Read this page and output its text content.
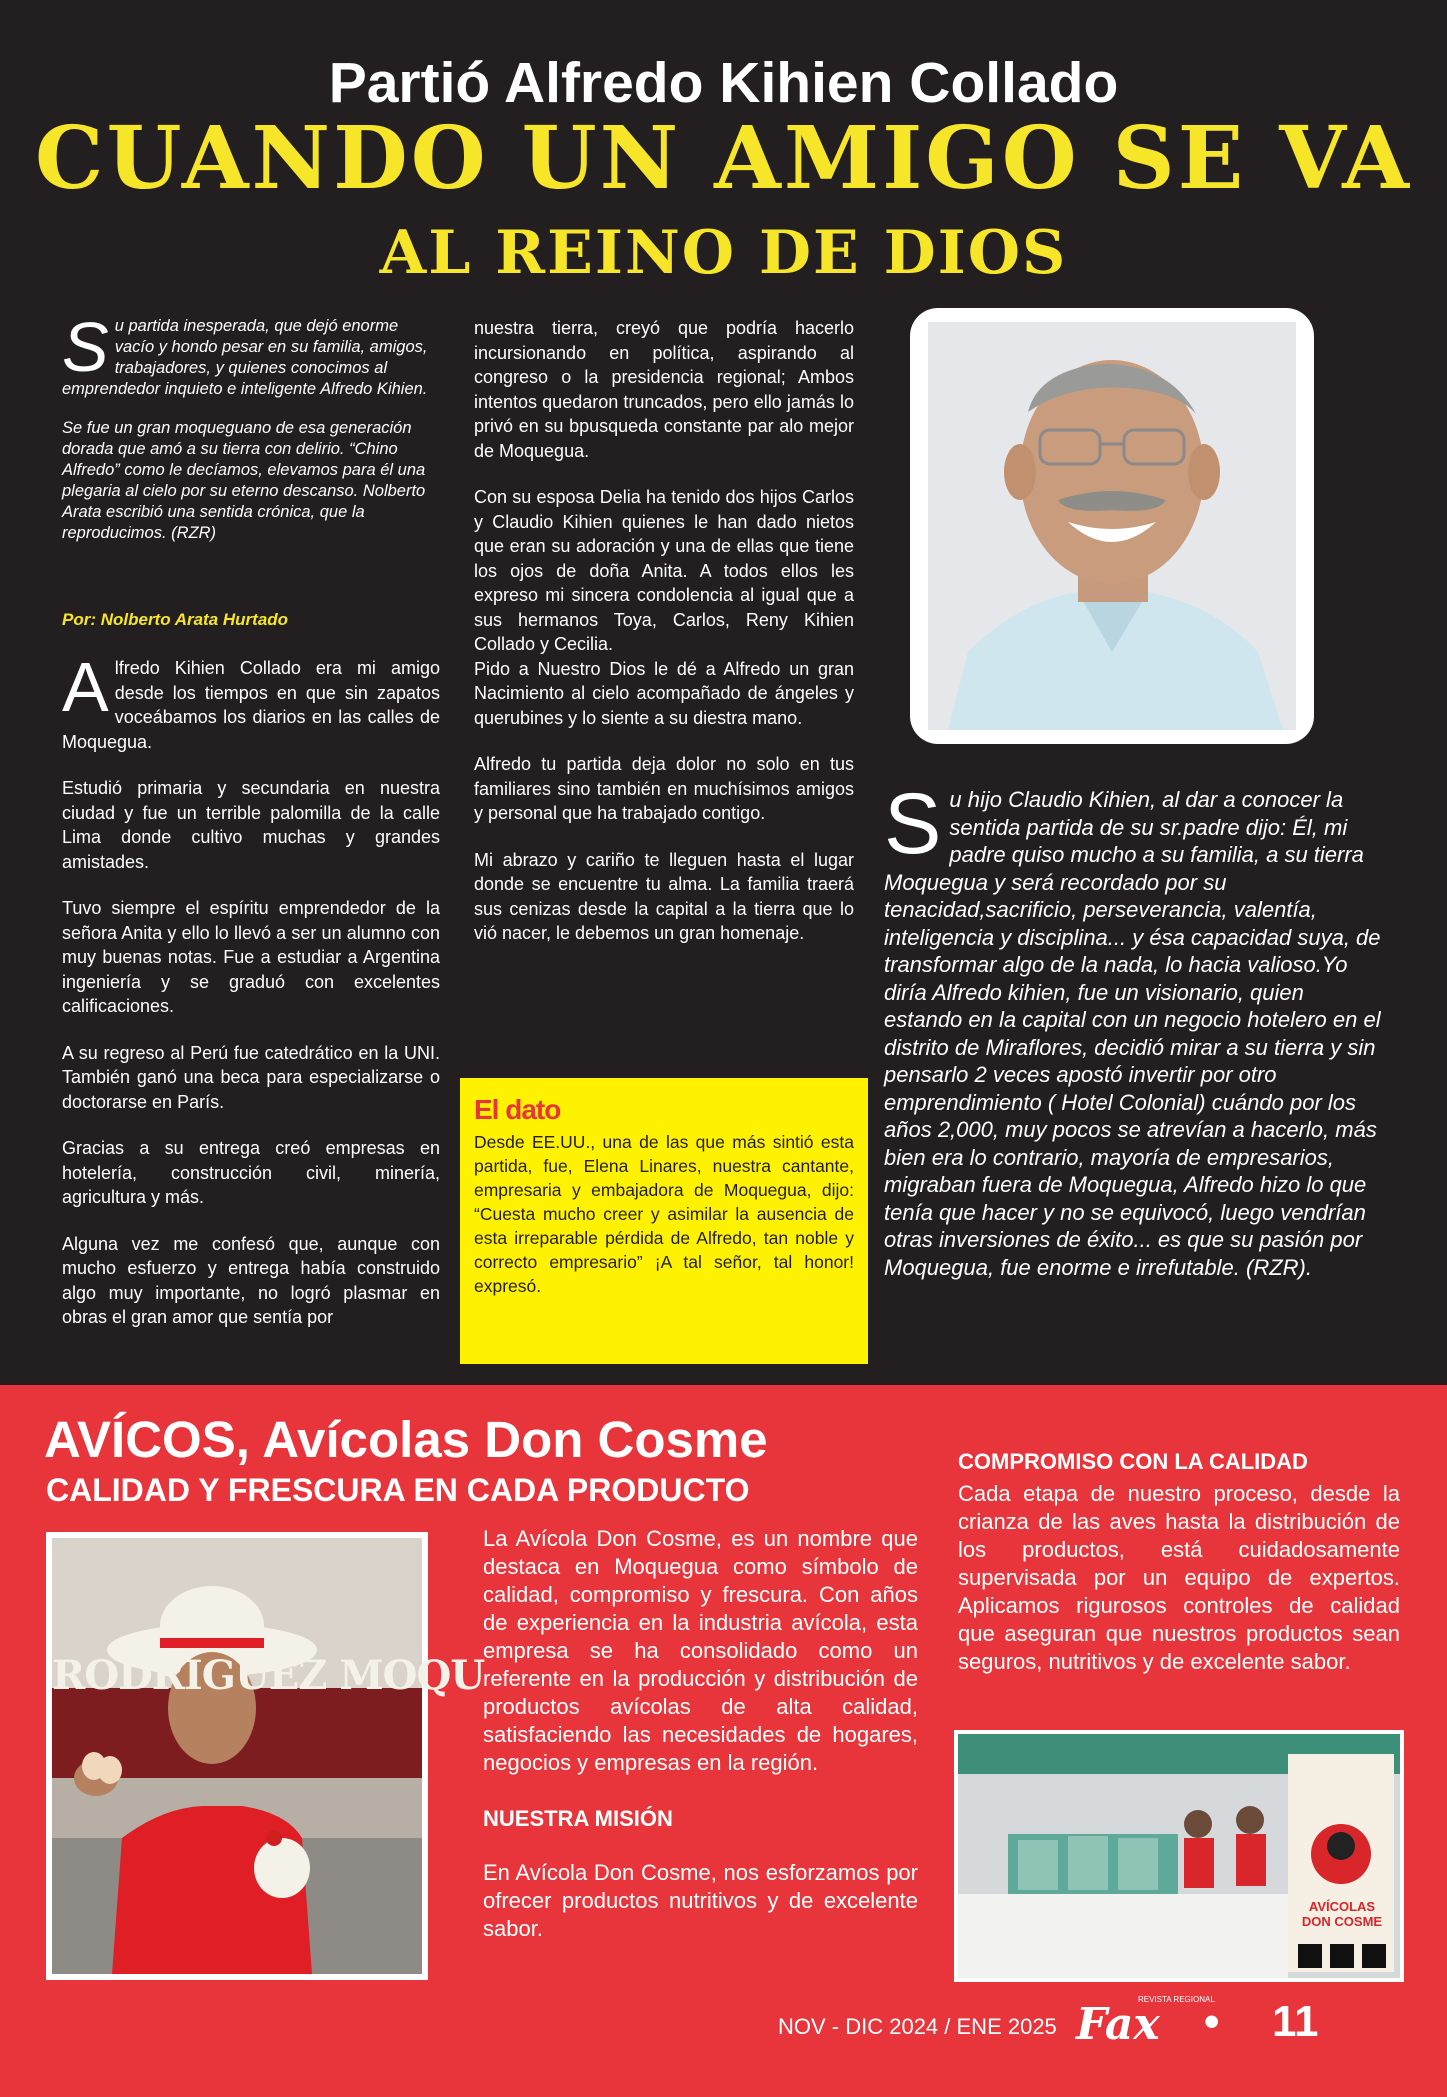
Partió Alfredo Kihien Collado
CUANDO UN AMIGO SE VA
AL REINO DE DIOS

Su partida inesperada, que dejó enorme vacío y hondo pesar en su familia, amigos, trabajadores, y quienes conocimos al emprendedor inquieto e inteligente Alfredo Kihien.

Se fue un gran moqueguano de esa generación dorada que amó a su tierra con delirio. “Chino Alfredo” como le decíamos, elevamos para él una plegaria al cielo por su eterno descanso. Nolberto Arata escribió una sentida crónica, que la reproducimos. (RZR)

Por: Nolberto Arata Hurtado

Alfredo Kihien Collado era mi amigo desde los tiempos en que sin zapatos voceábamos los diarios en las calles de Moquegua.

Estudió primaria y secundaria en nuestra ciudad y fue un terrible palomilla de la calle Lima donde cultivo muchas y grandes amistades.

Tuvo siempre el espíritu emprendedor de la señora Anita y ello lo llevó a ser un alumno con muy buenas notas. Fue a estudiar a Argentina ingeniería y se graduó con excelentes calificaciones.

A su regreso al Perú fue catedrático en la UNI. También ganó una beca para especializarse o doctorarse en París.

Gracias a su entrega creó empresas en hotelería, construcción civil, minería, agricultura y más.

Alguna vez me confesó que, aunque con mucho esfuerzo y entrega había construido algo muy importante, no logró plasmar en obras el gran amor que sentía por

nuestra tierra, creyó que podría hacerlo incursionando en política, aspirando al congreso o la presidencia regional; Ambos intentos quedaron truncados, pero ello jamás lo privó en su bpusqueda constante par alo mejor de Moquegua.

Con su esposa Delia ha tenido dos hijos Carlos y Claudio Kihien quienes le han dado nietos que eran su adoración y una de ellas que tiene los ojos de doña Anita. A todos ellos les expreso mi sincera condolencia al igual que a sus hermanos Toya, Carlos, Reny Kihien Collado y Cecilia.

Pido a Nuestro Dios le dé a Alfredo un gran Nacimiento al cielo acompañado de ángeles y querubines y lo siente a su diestra mano.

Alfredo tu partida deja dolor no solo en tus familiares sino también en muchísimos amigos y personal que ha trabajado contigo.

Mi abrazo y cariño te lleguen hasta el lugar donde se encuentre tu alma. La familia traerá sus cenizas desde la capital a la tierra que lo vió nacer, le debemos un gran homenaje.

El dato

Desde EE.UU., una de las que más sintió esta partida, fue, Elena Linares, nuestra cantante, empresaria y embajadora de Moquegua, dijo: “Cuesta mucho creer y asimilar la ausencia de esta irreparable pérdida de Alfredo, tan noble y correcto empresario” ¡A tal señor, tal honor! expresó.

Su hijo Claudio Kihien, al dar a conocer la sentida partida de su sr.padre dijo: Él, mi padre quiso mucho a su familia, a su tierra Moquegua y será recordado por su tenacidad,sacrificio, perseverancia, valentía, inteligencia y disciplina... y ésa capacidad suya, de transformar algo de la nada, lo hacia valioso.Yo diría Alfredo kihien, fue un visionario, quien estando en la capital con un negocio hotelero en el distrito de Miraflores, decidió mirar a su tierra y sin pensarlo 2 veces apostó invertir por otro emprendimiento ( Hotel Colonial) cuándo por los años 2,000, muy pocos se atrevían a hacerlo, más bien era lo contrario, mayoría de empresarios, migraban fuera de Moquegua, Alfredo hizo lo que tenía que hacer y no se equivocó, luego vendrían otras inversiones de éxito... es que su pasión por Moquegua, fue enorme e irrefutable. (RZR).
AVÍCOS, Avícolas Don Cosme
CALIDAD Y FRESCURA EN CADA PRODUCTO
RODRÍGUEZ MOQU

La Avícola Don Cosme, es un nombre que destaca en Moquegua como símbolo de calidad, compromiso y frescura. Con años de experiencia en la industria avícola, esta empresa se ha consolidado como un referente en la producción y distribución de productos avícolas de alta calidad, satisfaciendo las necesidades de hogares, negocios y empresas en la región.

NUESTRA MISIÓN

En Avícola Don Cosme, nos esforzamos por ofrecer productos nutritivos y de excelente sabor.

COMPROMISO CON LA CALIDAD

Cada etapa de nuestro proceso, desde la crianza de las aves hasta la distribución de los productos, está cuidadosamente supervisada por un equipo de expertos. Aplicamos rigurosos controles de calidad que aseguran que nuestros productos sean seguros, nutritivos y de excelente sabor.

AVÍCOLAS
DON COSME
NOV - DIC 2024 / ENE 2025
REVISTA REGIONAL
Fax • 11
